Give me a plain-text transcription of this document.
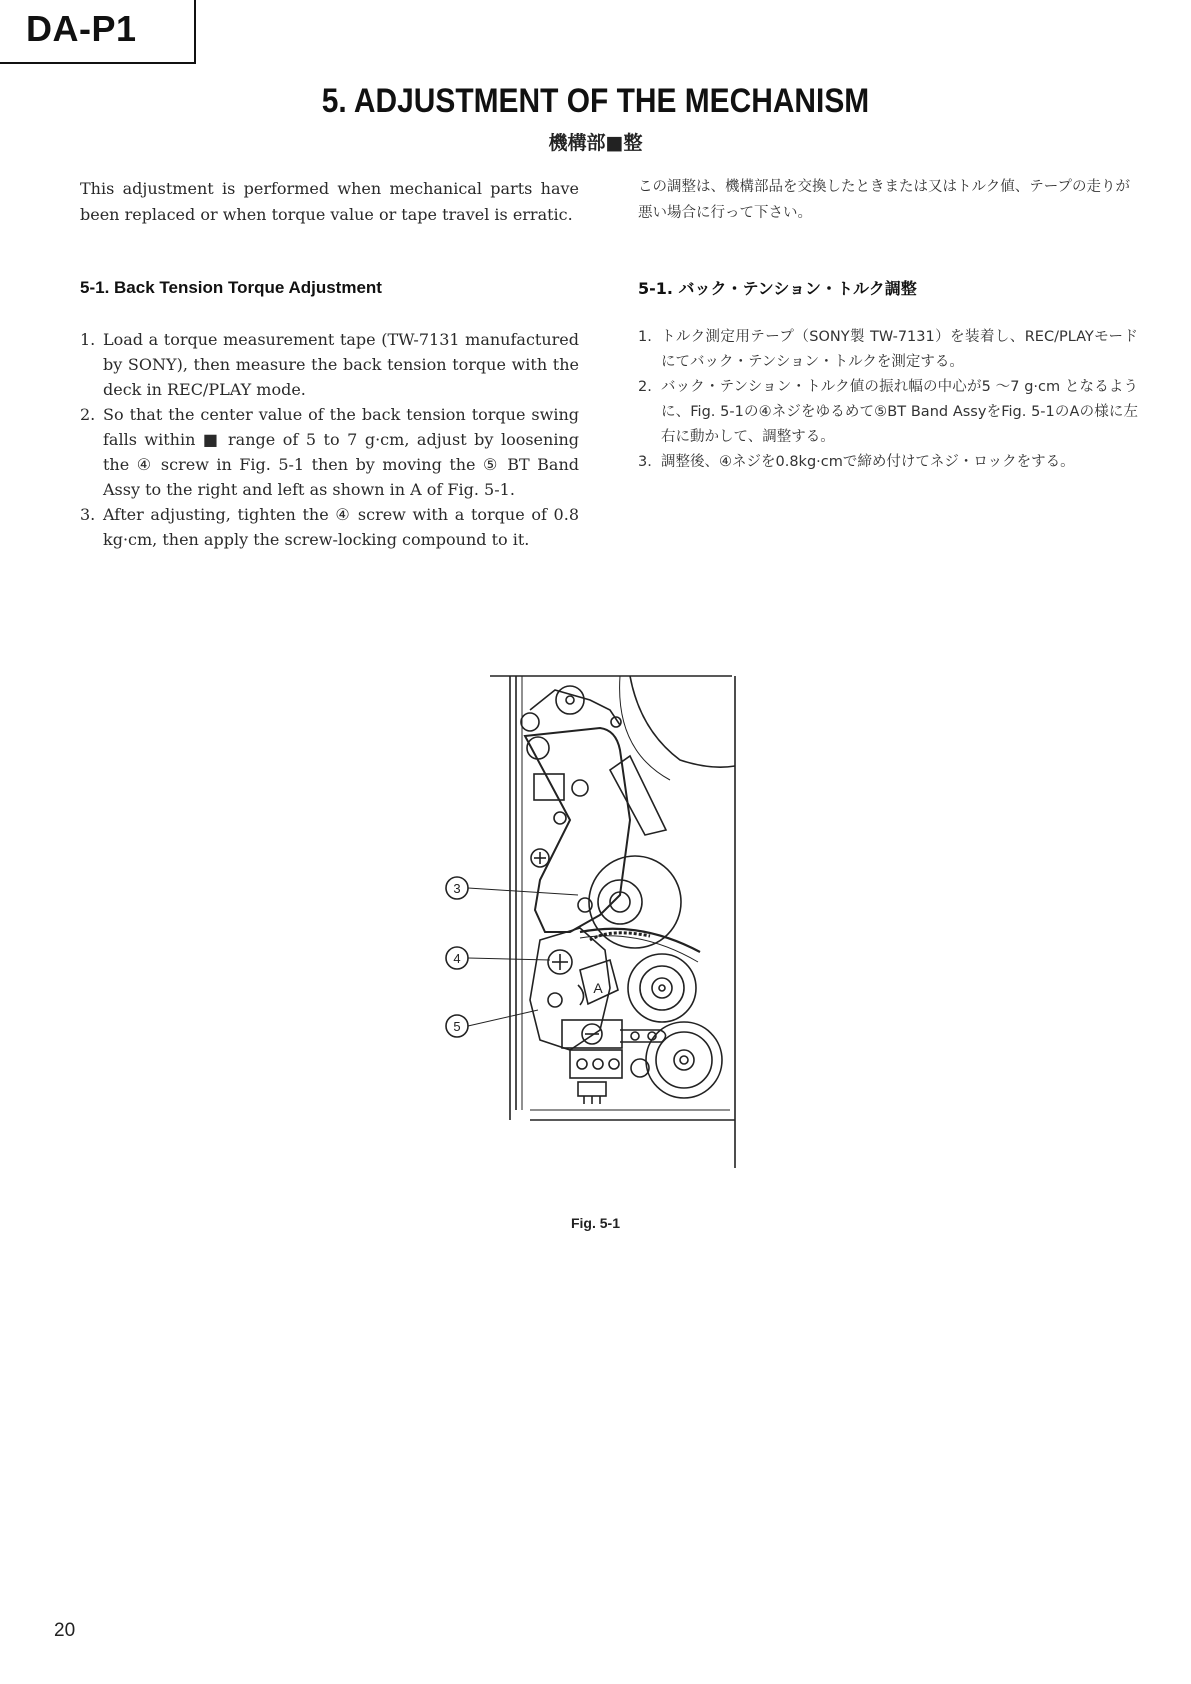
DA-P1
5. ADJUSTMENT OF THE MECHANISM
機構部■整

This adjustment is performed when mechanical parts have been replaced or when torque value or tape travel is erratic.

この調整は、機構部品を交換したときまたは又はトルク値、テープの走りが悪い場合に行って下さい。

5-1. Back Tension Torque Adjustment	5-1. バック・テンション・トルク調整

1. Load a torque measurement tape (TW-7131 manufactured by SONY), then measure the back tension torque with the deck in REC/PLAY mode.
2. So that the center value of the back tension torque swing falls within ■ range of 5 to 7 g·cm, adjust by loosening the ④ screw in Fig. 5-1 then by moving the ⑤ BT Band Assy to the right and left as shown in A of Fig. 5-1.
3. After adjusting, tighten the ④ screw with a torque of 0.8 kg·cm, then apply the screw-locking compound to it.
1. トルク測定用テープ（SONY製 TW-7131）を装着し、REC/PLAYモードにてバック・テンション・トルクを測定する。
2. バック・テンション・トルク値の振れ幅の中心が5 〜7 g·cm となるように、Fig. 5-1の④ネジをゆるめて⑤BT Band AssyをFig. 5-1のAの様に左右に動かして、調整する。
3. 調整後、④ネジを0.8kg·cmで締め付けてネジ・ロックをする。
3
4
5
A
Fig. 5-1
20
